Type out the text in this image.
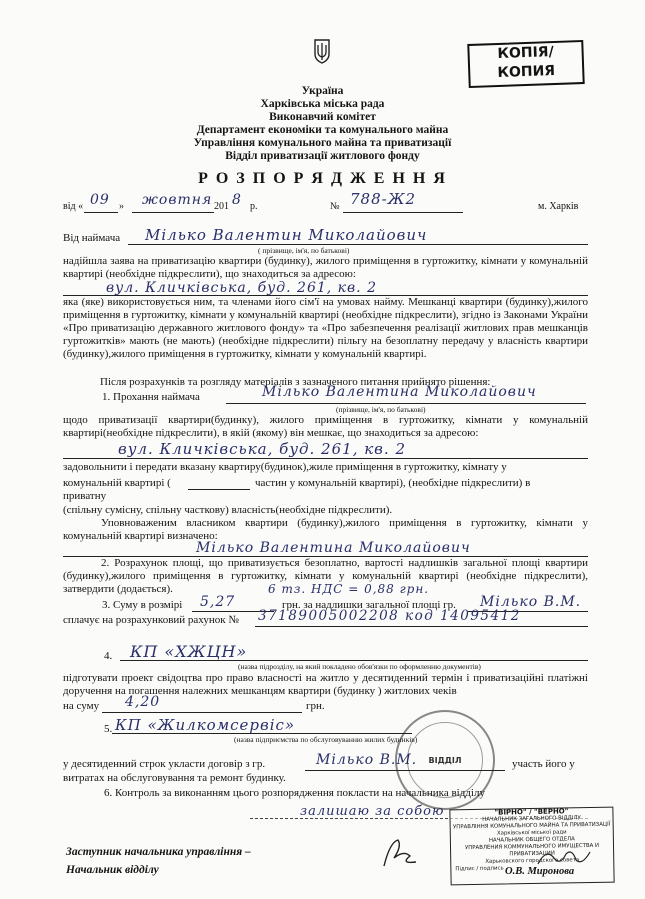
КОПІЯ/
КОПИЯ
Україна
Харківська міська рада
Виконавчий комітет
Департамент економіки та комунального майна
Управління комунального майна та приватизації
Відділ приватизації житлового фонду
Р О З П О Р Я Д Ж Е Н Н Я
від « 09 » жовтня 201 8 р.	№ 788-Ж2	м. Харків
Від наймача Мілько Валентин Миколайович
( прізвище, ім'я, по батькові)
надійшла заява на приватизацію квартири (будинку), жилого приміщення в гуртожитку, кімнати у комунальній квартирі (необхідне підкреслити), що знаходиться за адресою:
вул. Кличківська, буд. 261, кв. 2
яка (яке) використовується ним, та членами його сім'ї на умовах найму. Мешканці квартири (будинку),жилого приміщення в гуртожитку, кімнати у комунальній квартирі (необхідне підкреслити), згідно із Законами України «Про приватизацію державного житлового фонду» та «Про забезпечення реалізації житлових прав мешканців гуртожитків» мають (не мають) (необхідне підкреслити) пільгу на безоплатну передачу у власність квартири (будинку),жилого приміщення в гуртожитку, кімнати у комунальній квартирі.
Після розрахунків та розгляду матеріалів з зазначеного питання прийнято рішення:
1. Прохання наймача	Мілько Валентина Миколайович
(прізвище, ім'я, по батькові)
щодо приватизації квартири(будинку), жилого приміщення в гуртожитку, кімнати у комунальній квартирі(необхідне підкреслити), в якій (якому) він мешкає, що знаходиться за адресою:
вул. Кличківська, буд. 261, кв. 2
задовольнити і передати вказану квартиру(будинок),жиле приміщення в гуртожитку, кімнату у
комунальній квартирі (	частин у комунальній квартирі), (необхідне підкреслити) в
приватну
(спільну сумісну, спільну часткову) власність(необхідне підкреслити).
Уповноваженим власником квартири (будинку),жилого приміщення в гуртожитку, кімнати у комунальній квартирі визначено:
Мілько Валентина Миколайович
2. Розрахунок площі, що приватизується безоплатно, вартості надлишків загальної площі квартири (будинку),жилого приміщення в гуртожитку, кімнати у комунальній квартирі (необхідне підкреслити), затвердити (додається).	6 тз. НДС = 0,88 грн.
3. Суму в розмірі 5,27	грн. за надлишки загальної площі гр. Мілько В.М.
сплачує на розрахунковий рахунок № 37189005002208 код 14095412
4. КП «ХЖЦН»
(назва підрозділу, на який покладено обов'язки по оформленню документів)
підготувати проект свідоцтва про право власності на житло у десятиденний термін і приватизаційні платіжні доручення на погашення належних мешканцям квартири (будинку ) житлових чеків
на суму 4,20	грн.
5. КП «Жилкомсервіс»
(назва підприємства по обслуговуванню жилих будинків)
у десятиденний строк укласти договір з гр.	Мілько В.М.	участь його у
витратах на обслуговування та ремонт будинку.
6. Контроль за виконанням цього розпорядження покласти на начальника відділу
залишаю за собою
ВІДДІЛ
"ВІРНО" / "ВЕРНО"
НАЧАЛЬНИК ЗАГАЛЬНОГО ВІДДІЛУ
УПРАВЛІННЯ КОМУНАЛЬНОГО МАЙНА ТА ПРИВАТИЗАЦІЇ
Харківської міської ради
НАЧАЛЬНИК ОБЩЕГО ОТДЕЛА
УПРАВЛЕНИЯ КОММУНАЛЬНОГО ИМУЩЕСТВА И ПРИВАТИЗАЦИИ
Харьковского городского совета
Підпис / подпись
Заступник начальника управління –
Начальник відділу	О.В. Миронова
